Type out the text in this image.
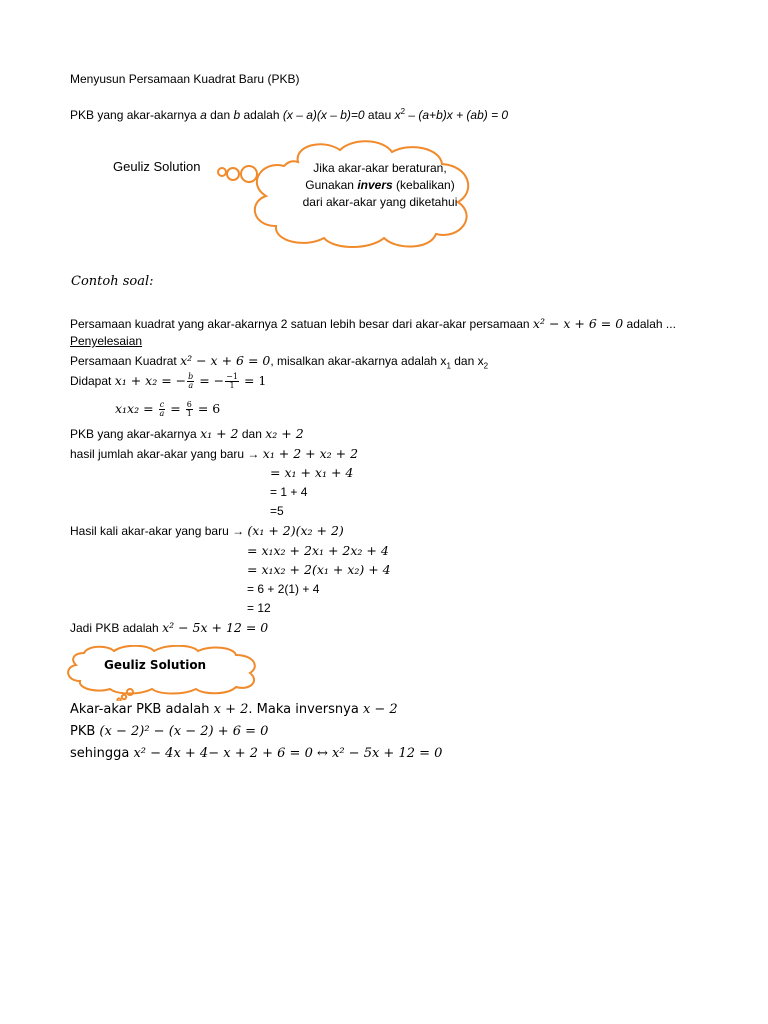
Menyusun Persamaan Kuadrat Baru (PKB)
PKB yang akar-akarnya a dan b adalah (x – a)(x – b)=0 atau $x^2 - (a+b)x + (ab) = 0$
Geuliz Solution	Jika akar-akar beraturan,
Gunakan invers (kebalikan)
dari akar-akar yang diketahui
Contoh soal:
Persamaan kuadrat yang akar-akarnya 2 satuan lebih besar dari akar-akar persamaan x² − x + 6 = 0 adalah ...
Penyelesaian
Persamaan Kuadrat x² − x + 6 = 0, misalkan akar-akarnya adalah $x_1$ dan $x_2$
Didapat x₁ + x₂ = − $\frac{b}{a}$ = − $\frac{-1}{1} = 1$
$x_1x_2 = \frac{c}{a} = \frac{6}{1} = 6$
PKB yang akar-akarnya x₁ + 2 dan x₂ + 2
hasil jumlah akar-akar yang baru → x₁ + 2 + x₂ + 2
= x₁ + x₁ + 4
= 1 + 4
=5
Hasil kali akar-akar yang baru → (x₁ + 2)(x₂ + 2)
= x₁x₂ + 2x₁ + 2x₂ + 4
= x₁x₂ + 2(x₁ + x₂) + 4
= 6 + 2(1) + 4
= 12
Jadi PKB adalah x² − 5x + 12 = 0
Geuliz Solution
Akar-akar PKB adalah x + 2. Maka inversnya x − 2
PKB (x − 2)² − (x − 2) + 6 = 0
sehingga x² − 4x + 4− x + 2 + 6 = 0 ↔ x² − 5x + 12 = 0
